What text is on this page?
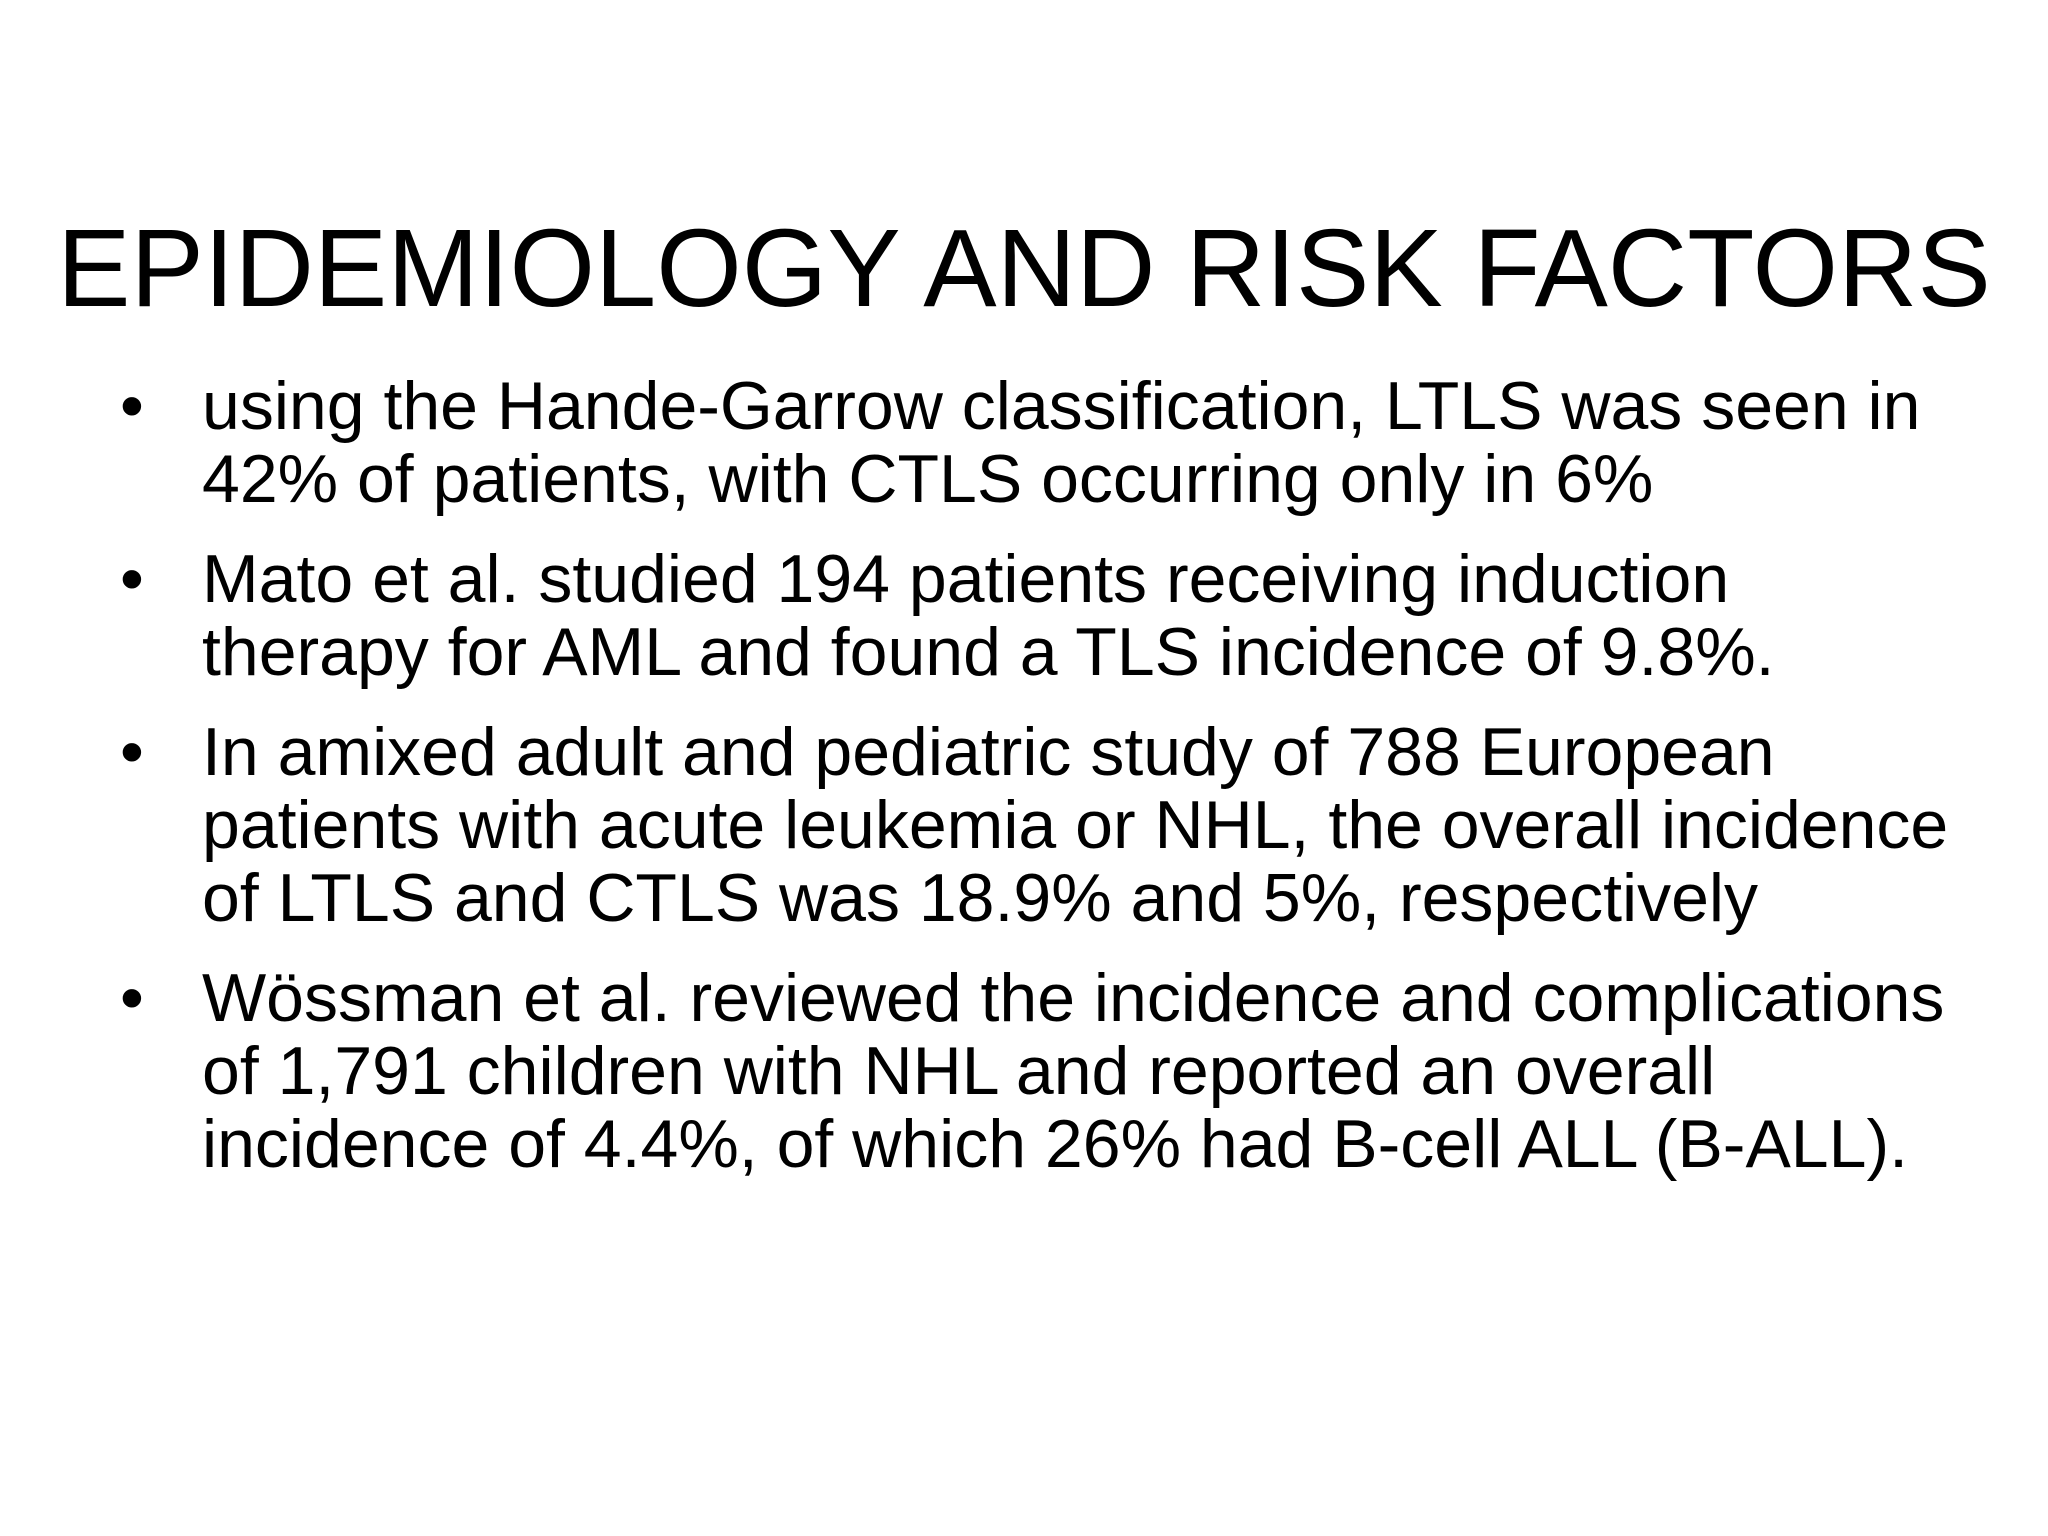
EPIDEMIOLOGY AND RISK FACTORS
• using the Hande-Garrow classification, LTLS was seen in 42% of patients, with CTLS occurring only in 6%
• Mato et al. studied 194 patients receiving induction therapy for AML and found a TLS incidence of 9.8%.
• In amixed adult and pediatric study of 788 European patients with acute leukemia or NHL, the overall incidence of LTLS and CTLS was 18.9% and 5%, respectively
• Wössman et al. reviewed the incidence and complications of 1,791 children with NHL and reported an overall incidence of 4.4%, of which 26% had B-cell ALL (B-ALL).
